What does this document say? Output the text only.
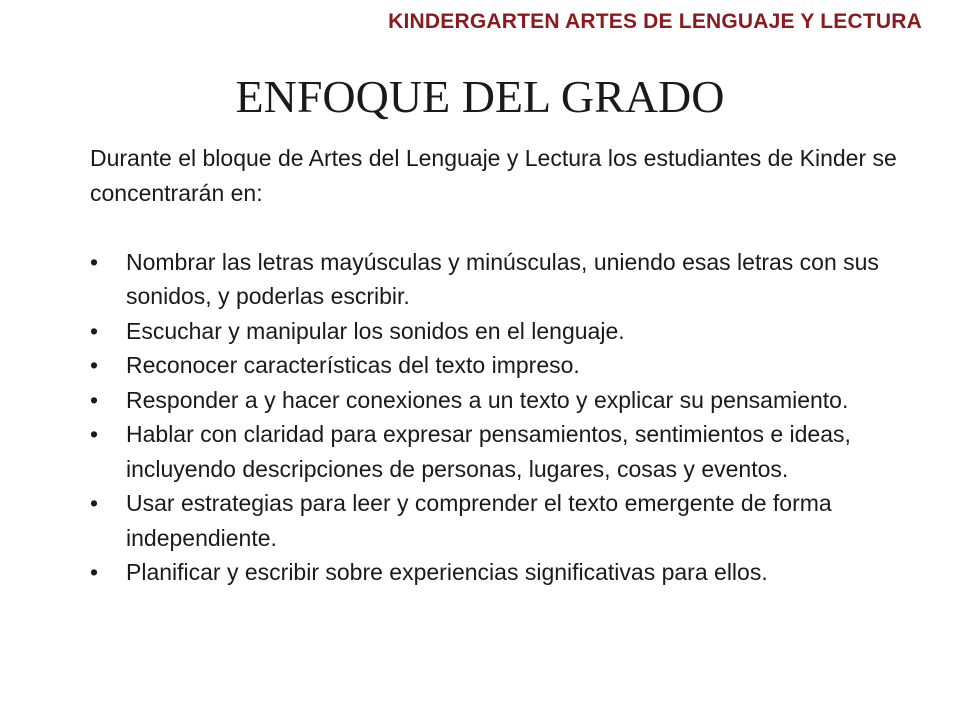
KINDERGARTEN ARTES DE LENGUAJE Y LECTURA
ENFOQUE DEL GRADO

Durante el bloque de Artes del Lenguaje y Lectura los estudiantes de Kinder se concentrarán en:

• Nombrar las letras mayúsculas y minúsculas, uniendo esas letras con sus sonidos, y poderlas escribir.
• Escuchar y manipular los sonidos en el lenguaje.
• Reconocer características del texto impreso.
• Responder a y hacer conexiones a un texto y explicar su pensamiento.
• Hablar con claridad para expresar pensamientos, sentimientos e ideas, incluyendo descripciones de personas, lugares, cosas y eventos.
• Usar estrategias para leer y comprender el texto emergente de forma independiente.
• Planificar y escribir sobre experiencias significativas para ellos.
